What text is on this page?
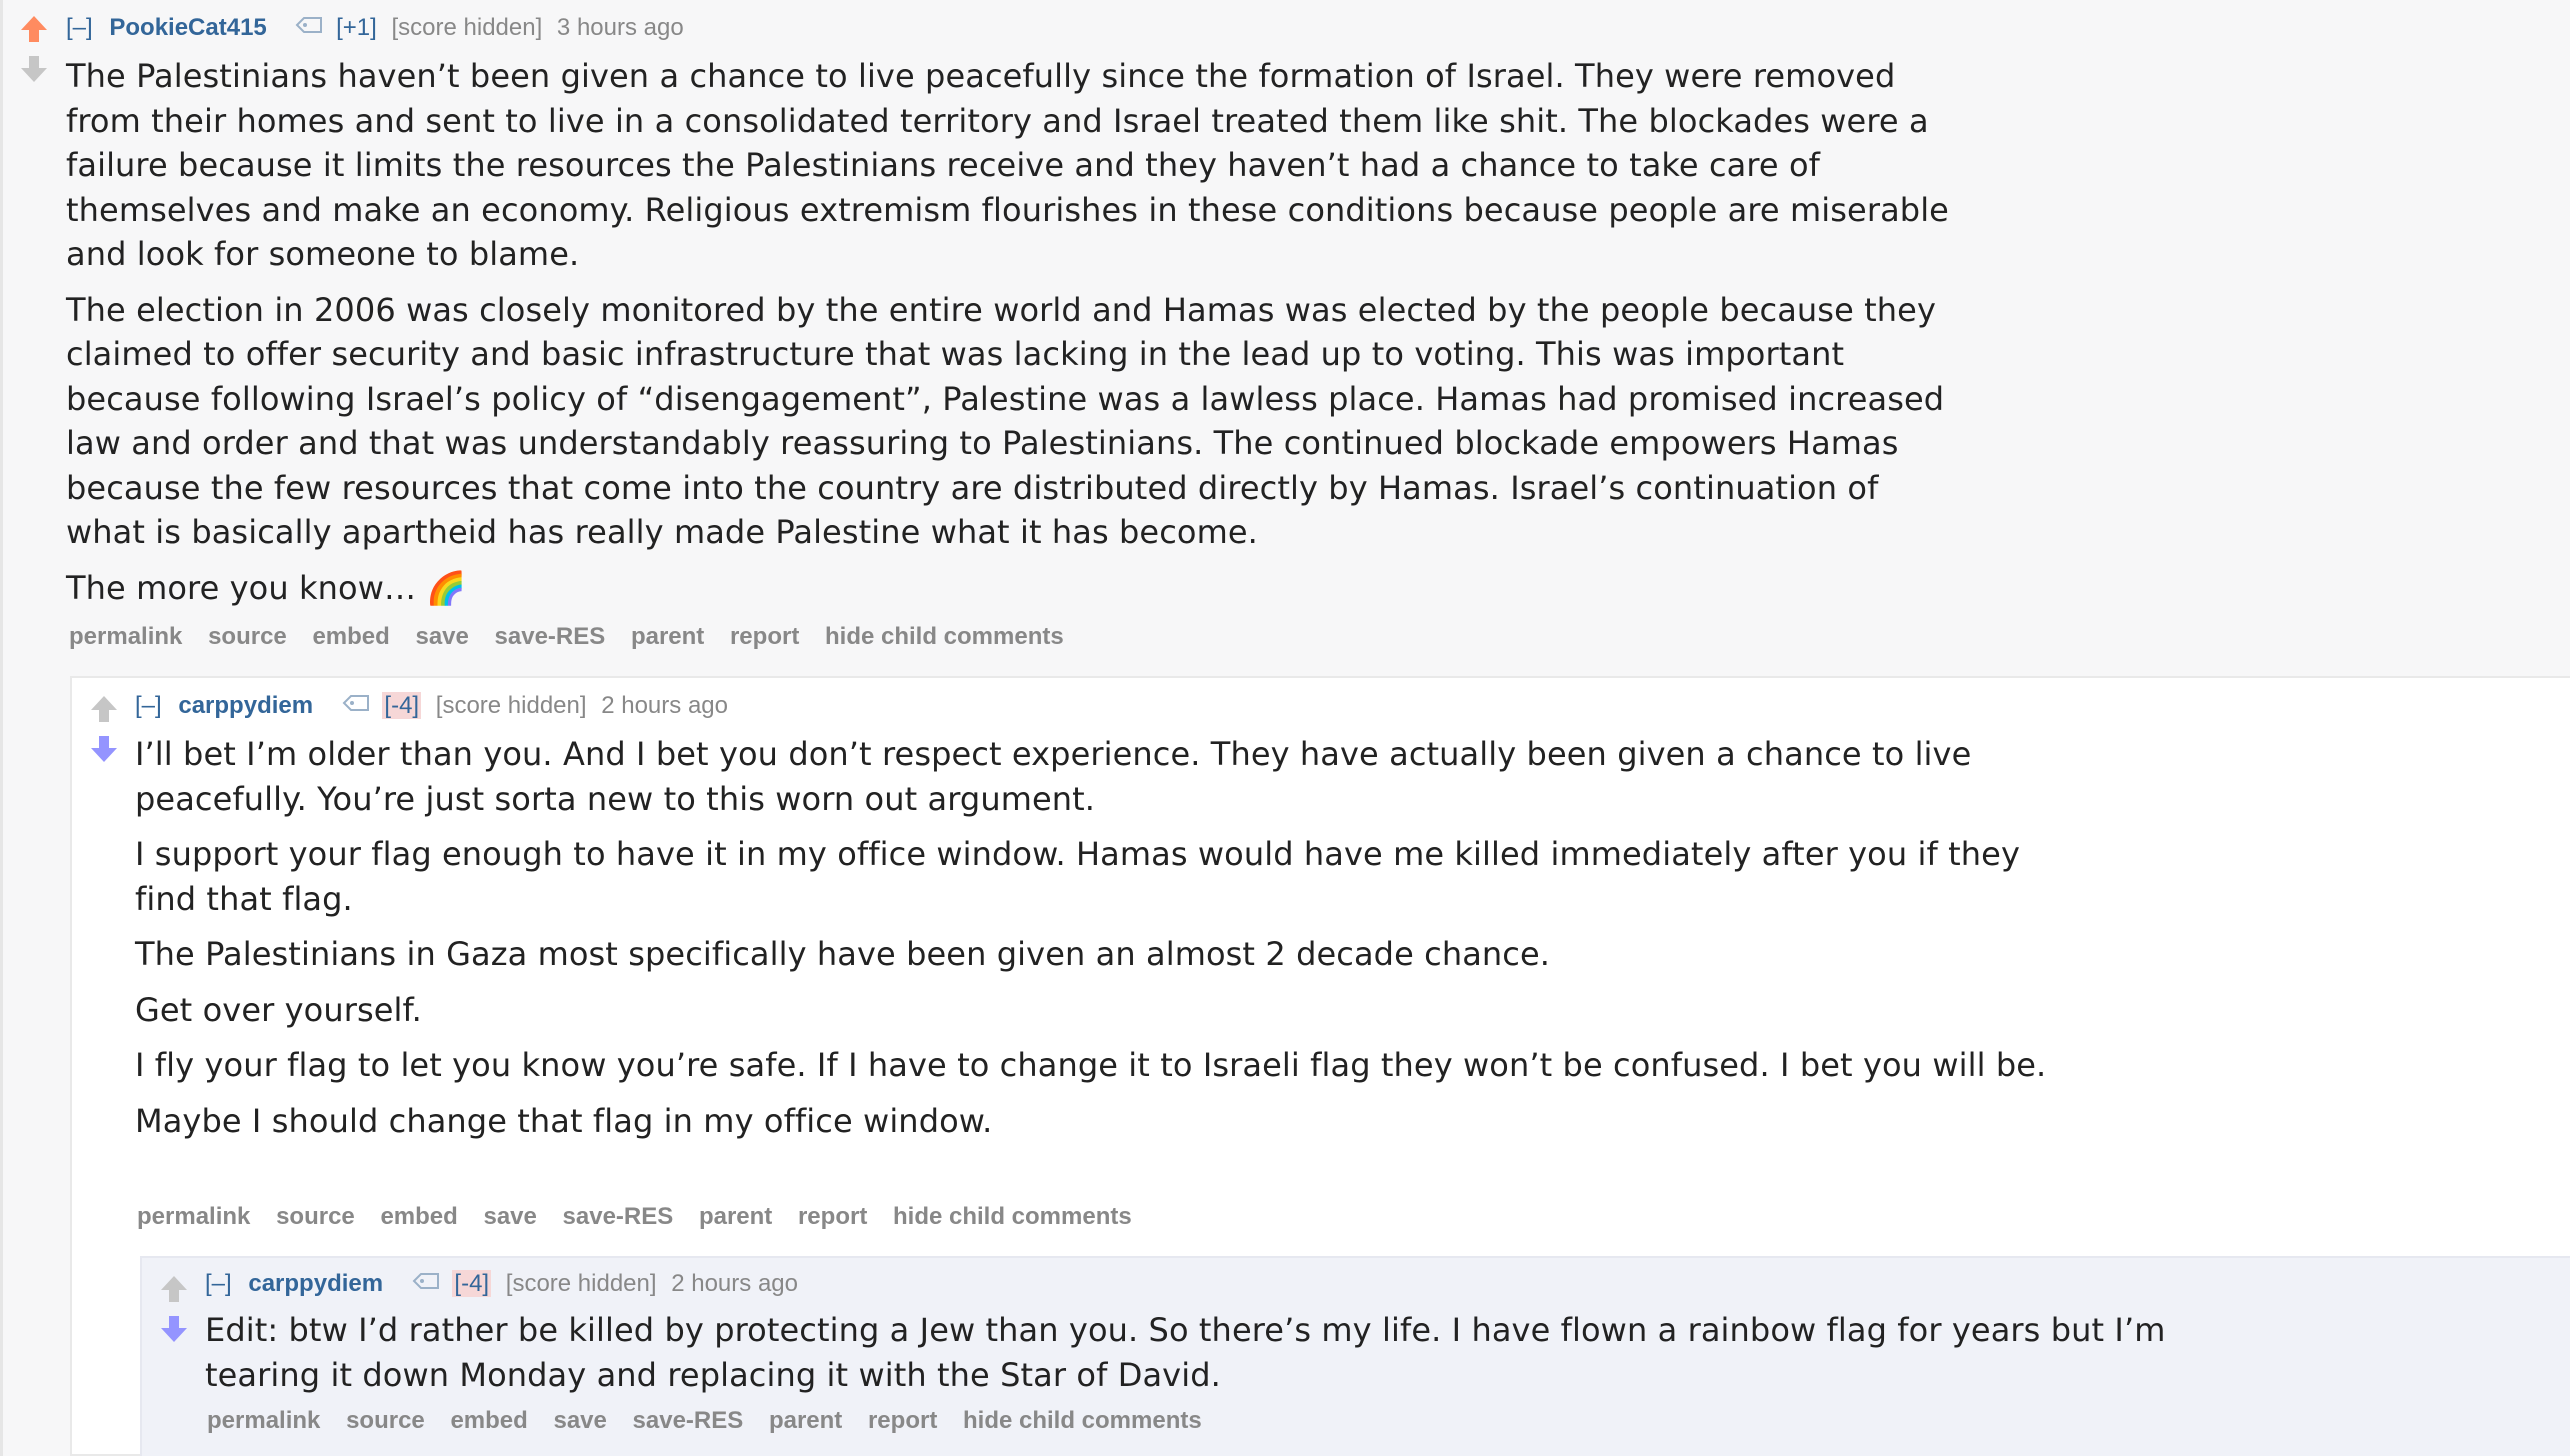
[–] PookieCat415	[+1] [score hidden] 3 hours ago

The Palestinians haven’t been given a chance to live peacefully since the formation of Israel. They were removed from their homes and sent to live in a consolidated territory and Israel treated them like shit. The blockades were a failure because it limits the resources the Palestinians receive and they haven’t had a chance to take care of themselves and make an economy. Religious extremism flourishes in these conditions because people are miserable and look for someone to blame.

The election in 2006 was closely monitored by the entire world and Hamas was elected by the people because they claimed to offer security and basic infrastructure that was lacking in the lead up to voting. This was important because following Israel’s policy of “disengagement”, Palestine was a lawless place. Hamas had promised increased law and order and that was understandably reassuring to Palestinians. The continued blockade empowers Hamas because the few resources that come into the country are distributed directly by Hamas. Israel’s continuation of what is basically apartheid has really made Palestine what it has become.

The more you know… 🌈

permalink source embed save save-RES parent report hide child comments
[–] carppydiem	[-4] [score hidden] 2 hours ago

I’ll bet I’m older than you. And I bet you don’t respect experience. They have actually been given a chance to live peacefully. You’re just sorta new to this worn out argument.

I support your flag enough to have it in my office window. Hamas would have me killed immediately after you if they find that flag.

The Palestinians in Gaza most specifically have been given an almost 2 decade chance.

Get over yourself.

I fly your flag to let you know you’re safe. If I have to change it to Israeli flag they won’t be confused. I bet you will be.

Maybe I should change that flag in my office window.

permalink source embed save save-RES parent report hide child comments
[–] carppydiem	[-4] [score hidden] 2 hours ago

Edit: btw I’d rather be killed by protecting a Jew than you. So there’s my life. I have flown a rainbow flag for years but I’m tearing it down Monday and replacing it with the Star of David.

permalink source embed save save-RES parent report hide child comments
